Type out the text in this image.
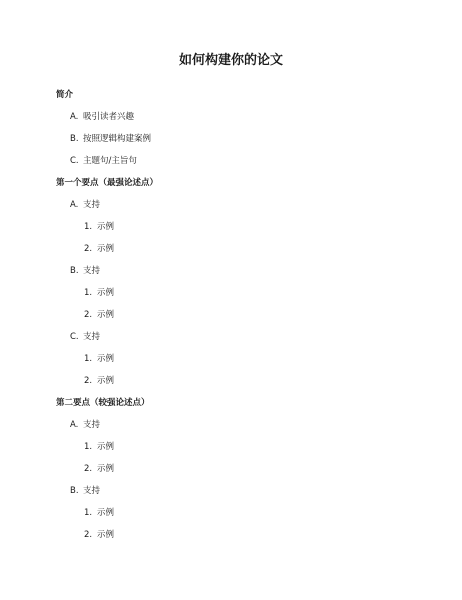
如何构建你的论文
简介
A. 吸引读者兴趣
B. 按照逻辑构建案例
C. 主题句/主旨句
第一个要点（最强论述点）
A. 支持
1. 示例
2. 示例
B. 支持
1. 示例
2. 示例
C. 支持
1. 示例
2. 示例
第二要点（较强论述点）
A. 支持
1. 示例
2. 示例
B. 支持
1. 示例
2. 示例
